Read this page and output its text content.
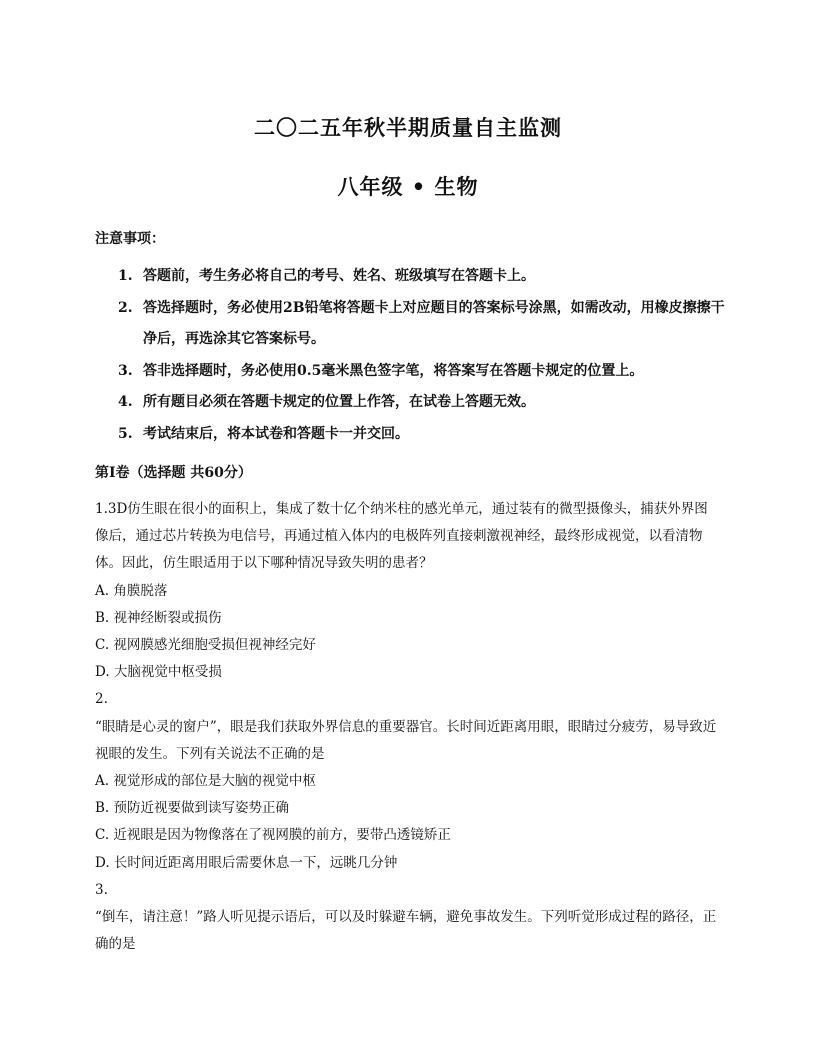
二〇二五年秋半期质量自主监测
八年级 • 生物
注意事项：
1. 答题前，考生务必将自己的考号、姓名、班级填写在答题卡上。
2. 答选择题时，务必使用2B铅笔将答题卡上对应题目的答案标号涂黑，如需改动，用橡皮擦擦干净后，再选涂其它答案标号。
3. 答非选择题时，务必使用0.5毫米黑色签字笔，将答案写在答题卡规定的位置上。
4. 所有题目必须在答题卡规定的位置上作答，在试卷上答题无效。
5. 考试结束后，将本试卷和答题卡一并交回。
第Ⅰ卷（选择题 共60分）

1.3D仿生眼在很小的面积上，集成了数十亿个纳米柱的感光单元，通过装有的微型摄像头，捕获外界图像后，通过芯片转换为电信号，再通过植入体内的电极阵列直接刺激视神经，最终形成视觉，以看清物体。因此，仿生眼适用于以下哪种情况导致失明的患者？

A. 角膜脱落

B. 视神经断裂或损伤

C. 视网膜感光细胞受损但视神经完好

D. 大脑视觉中枢受损

2.

“眼睛是心灵的窗户”，眼是我们获取外界信息的重要器官。长时间近距离用眼，眼睛过分疲劳，易导致近视眼的发生。下列有关说法不正确的是

A. 视觉形成的部位是大脑的视觉中枢

B. 预防近视要做到读写姿势正确

C. 近视眼是因为物像落在了视网膜的前方，要带凸透镜矫正

D. 长时间近距离用眼后需要休息一下，远眺几分钟

3.

“倒车，请注意！”路人听见提示语后，可以及时躲避车辆，避免事故发生。下列听觉形成过程的路径，正确的是
